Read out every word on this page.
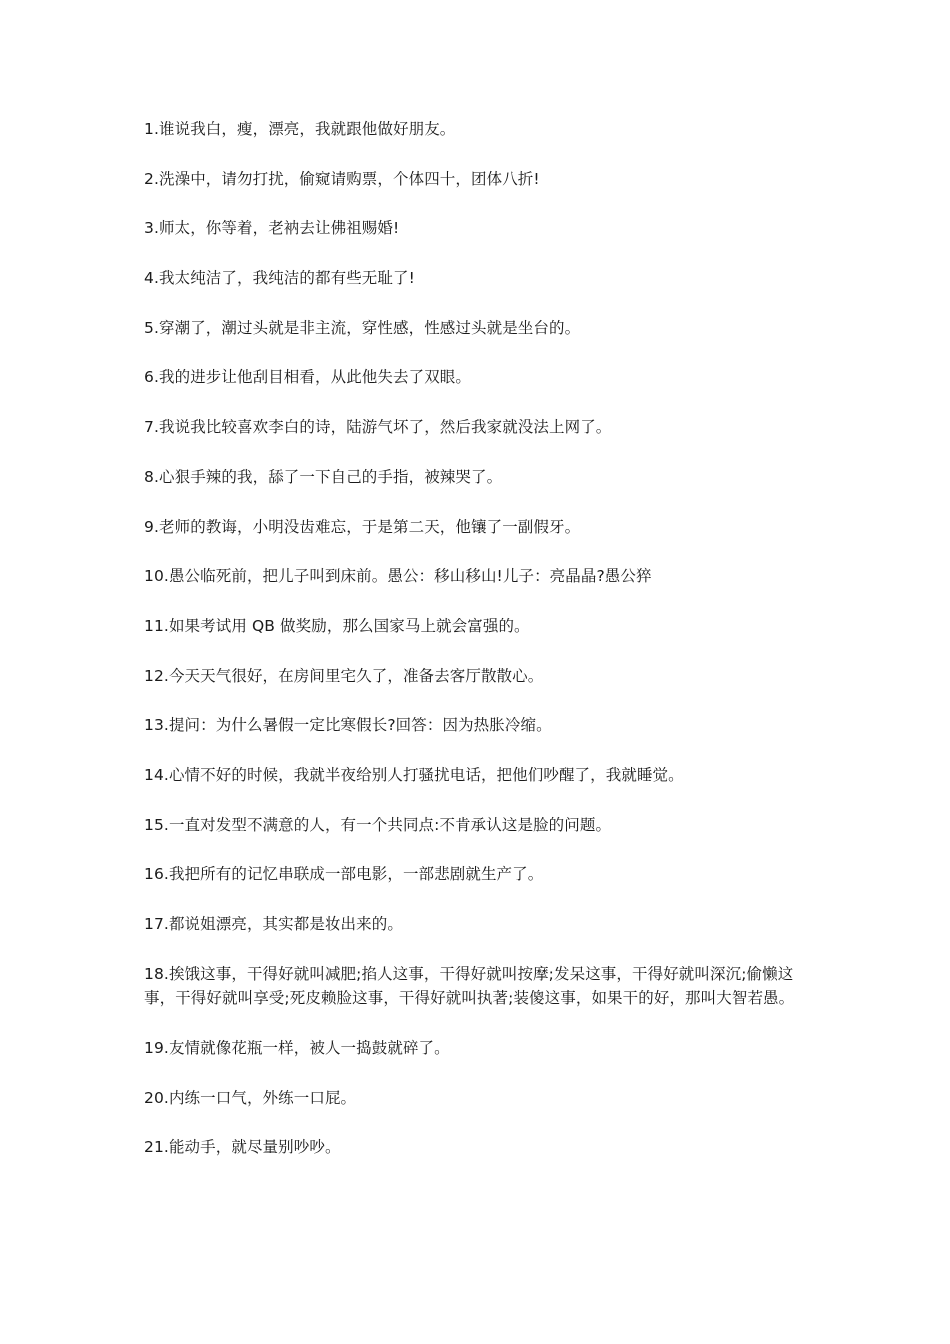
1.谁说我白，瘦，漂亮，我就跟他做好朋友。

2.洗澡中，请勿打扰，偷窥请购票，个体四十，团体八折!

3.师太，你等着，老衲去让佛祖赐婚!

4.我太纯洁了，我纯洁的都有些无耻了!

5.穿潮了，潮过头就是非主流，穿性感，性感过头就是坐台的。

6.我的进步让他刮目相看，从此他失去了双眼。

7.我说我比较喜欢李白的诗，陆游气坏了，然后我家就没法上网了。

8.心狠手辣的我，舔了一下自己的手指，被辣哭了。

9.老师的教诲，小明没齿难忘，于是第二天，他镶了一副假牙。

10.愚公临死前，把儿子叫到床前。愚公：移山移山!儿子：亮晶晶?愚公猝

11.如果考试用 QB 做奖励，那么国家马上就会富强的。

12.今天天气很好，在房间里宅久了，准备去客厅散散心。

13.提问：为什么暑假一定比寒假长?回答：因为热胀冷缩。

14.心情不好的时候，我就半夜给别人打骚扰电话，把他们吵醒了，我就睡觉。

15.一直对发型不满意的人，有一个共同点:不肯承认这是脸的问题。

16.我把所有的记忆串联成一部电影，一部悲剧就生产了。

17.都说姐漂亮，其实都是妆出来的。

18.挨饿这事，干得好就叫减肥;掐人这事，干得好就叫按摩;发呆这事，干得好就叫深沉;偷懒这事，干得好就叫享受;死皮赖脸这事，干得好就叫执著;装傻这事，如果干的好，那叫大智若愚。

19.友情就像花瓶一样，被人一捣鼓就碎了。

20.内练一口气，外练一口屁。

21.能动手，就尽量别吵吵。
